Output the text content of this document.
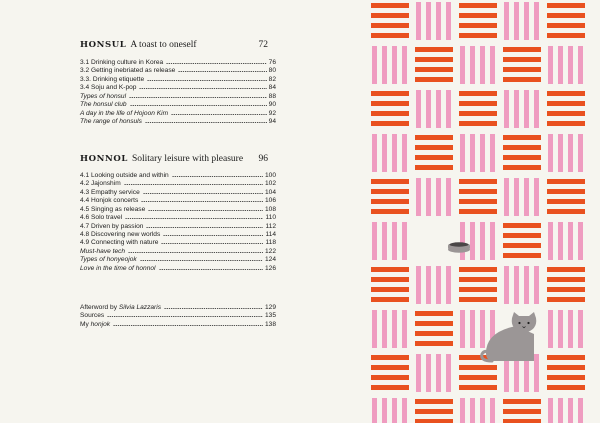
HONSUL A toast to oneself	72
3.1 Drinking culture in Korea	76
3.2 Getting inebriated as release	80
3.3. Drinking etiquette	82
3.4 Soju and K-pop	84
Types of honsul	88
The honsul club	90
A day in the life of Hojoon Kim	92
The range of honsuls	94
HONNOL Solitary leisure with pleasure 96
4.1 Looking outside and within	100
4.2 Jajonshim	102
4.3 Empathy service	104
4.4 Honjok concerts	106
4.5 Singing as release	108
4.6 Solo travel	110
4.7 Driven by passion	112
4.8 Discovering new worlds	114
4.9 Connecting with nature	118
Must-have tech	122
Types of honyeojok	124
Love in the time of honnol	126
Afterword by Silvia Lazzaris	129
Sources	135
My honjok	138
